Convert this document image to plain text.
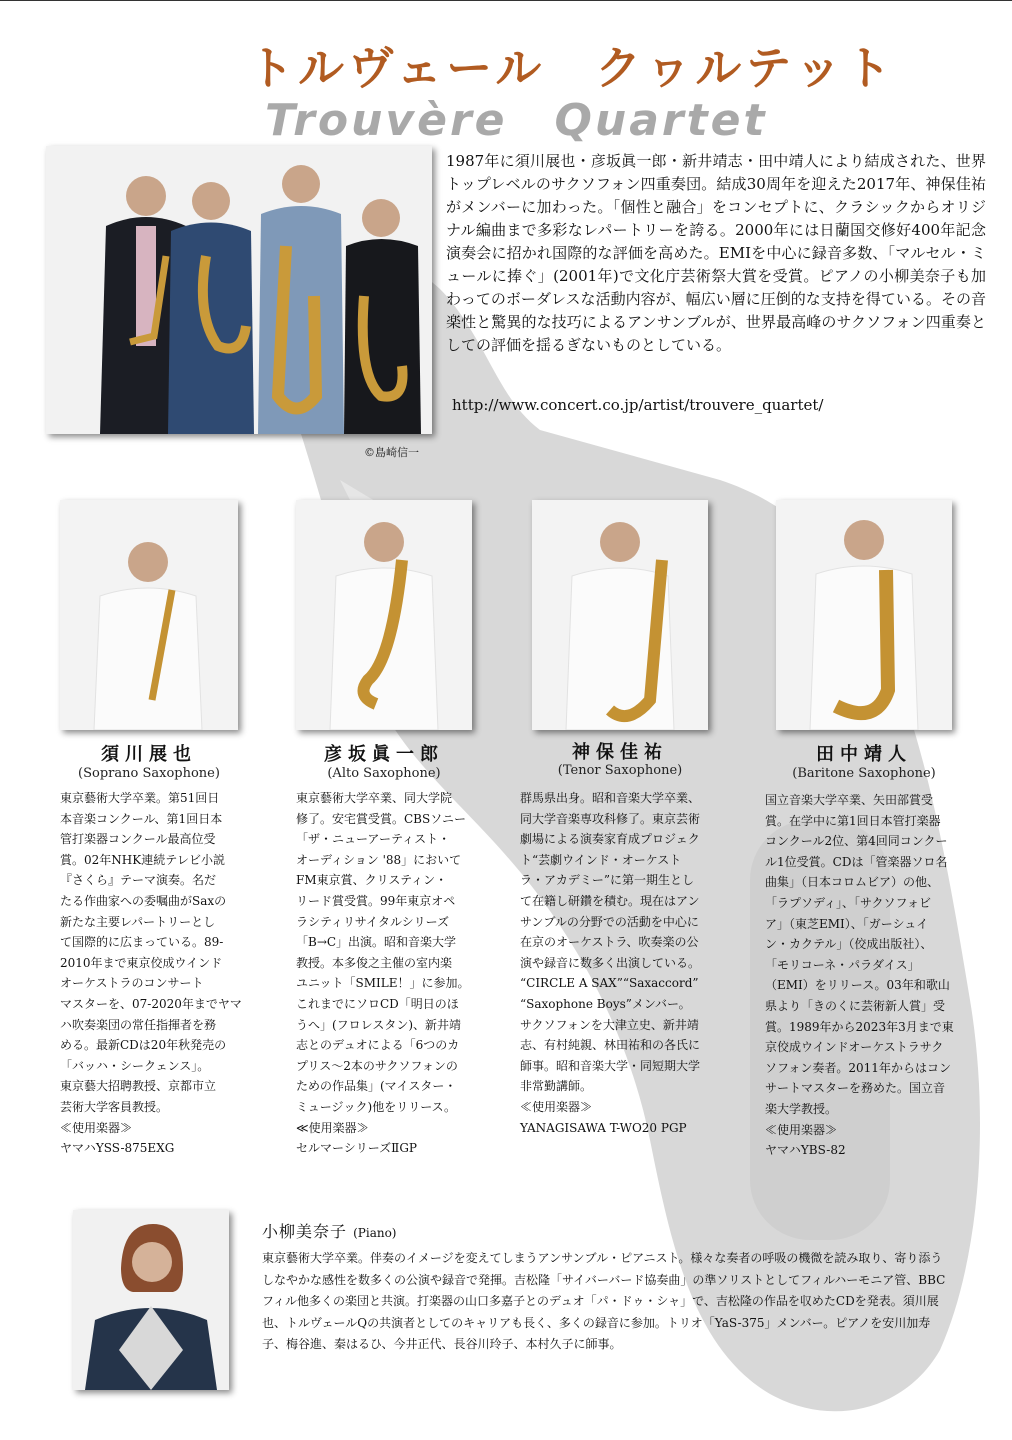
トルヴェール　クヮルテット
Trouvère　Quartet
1987年に須川展也・彦坂眞一郎・新井靖志・田中靖人により結成された、世界トップレベルのサクソフォン四重奏団。結成30周年を迎えた2017年、神保佳祐がメンバーに加わった。「個性と融合」をコンセプトに、クラシックからオリジナル編曲まで多彩なレパートリーを誇る。2000年には日蘭国交修好400年記念演奏会に招かれ国際的な評価を高めた。EMIを中心に録音多数、「マルセル・ミュールに捧ぐ」(2001年)で文化庁芸術祭大賞を受賞。ピアノの小柳美奈子も加わってのボーダレスな活動内容が、幅広い層に圧倒的な支持を得ている。その音楽性と驚異的な技巧によるアンサンブルが、世界最高峰のサクソフォン四重奏としての評価を揺るぎないものとしている。
http://www.concert.co.jp/artist/trouvere_quartet/
©島崎信一
須川展也
(Soprano Saxophone)
東京藝術大学卒業。第51回日
本音楽コンクール、第1回日本
管打楽器コンクール最高位受
賞。02年NHK連続テレビ小説
『さくら』テーマ演奏。名だ
たる作曲家への委嘱曲がSaxの
新たな主要レパートリーとし
て国際的に広まっている。89-
2010年まで東京佼成ウインド
オーケストラのコンサート
マスターを、07-2020年までヤマ
ハ吹奏楽団の常任指揮者を務
める。最新CDは20年秋発売の
「バッハ・シークェンス」。
東京藝大招聘教授、京都市立
芸術大学客員教授。
≪使用楽器≫
ヤマハYSS-875EXG
彦坂眞一郎
(Alto Saxophone)
東京藝術大学卒業、同大学院
修了。安宅賞受賞。CBSソニー
「ザ・ニューアーティスト・
オーディション '88」において
FM東京賞、クリスティン・
リード賞受賞。99年東京オペ
ラシティリサイタルシリーズ
「B→C」出演。昭和音楽大学
教授。本多俊之主催の室内楽
ユニット「SMILE！」に参加。
これまでにソロCD「明日のほ
うへ」(フロレスタン)、新井靖
志とのデュオによる「6つのカ
プリス～2本のサクソフォンの
ための作品集」(マイスター・
ミュージック)他をリリース。
≪使用楽器≫
セルマーシリーズⅡGP
神保佳祐
(Tenor Saxophone)
群馬県出身。昭和音楽大学卒業、
同大学音楽専攻科修了。東京芸術
劇場による演奏家育成プロジェク
ト“芸劇ウインド・オーケスト
ラ・アカデミー”に第一期生とし
て在籍し研鑽を積む。現在はアン
サンブルの分野での活動を中心に
在京のオーケストラ、吹奏楽の公
演や録音に数多く出演している。
“CIRCLE A SAX”“Saxaccord”
“Saxophone Boys”メンバー。
サクソフォンを大津立史、新井靖
志、有村純親、林田祐和の各氏に
師事。昭和音楽大学・同短期大学
非常勤講師。
≪使用楽器≫
YANAGISAWA T-WO20 PGP
田中靖人
(Baritone Saxophone)
国立音楽大学卒業、矢田部賞受
賞。在学中に第1回日本管打楽器
コンクール2位、第4回同コンクー
ル1位受賞。CDは「管楽器ソロ名
曲集」（日本コロムビア）の他、
「ラプソディ」、「サクソフォビ
ア」（東芝EMI）、「ガーシュイ
ン・カクテル」（佼成出版社）、
「モリコーネ・パラダイス」
（EMI）をリリース。03年和歌山
県より「きのくに芸術新人賞」受
賞。1989年から2023年3月まで東
京佼成ウインドオーケストラサク
ソフォン奏者。2011年からはコン
サートマスターを務めた。国立音
楽大学教授。
≪使用楽器≫
ヤマハYBS-82
小柳美奈子 (Piano)
東京藝術大学卒業。伴奏のイメージを変えてしまうアンサンブル・ピアニスト。様々な奏者の呼吸の機微を読み取り、寄り添うしなやかな感性を数多くの公演や録音で発揮。吉松隆「サイバーバード協奏曲」の準ソリストとしてフィルハーモニア管、BBCフィル他多くの楽団と共演。打楽器の山口多嘉子とのデュオ「パ・ドゥ・シャ」で、吉松隆の作品を収めたCDを発表。須川展也、トルヴェールQの共演者としてのキャリアも長く、多くの録音に参加。トリオ「YaS-375」メンバー。ピアノを安川加寿子、梅谷進、秦はるひ、今井正代、長谷川玲子、本村久子に師事。
